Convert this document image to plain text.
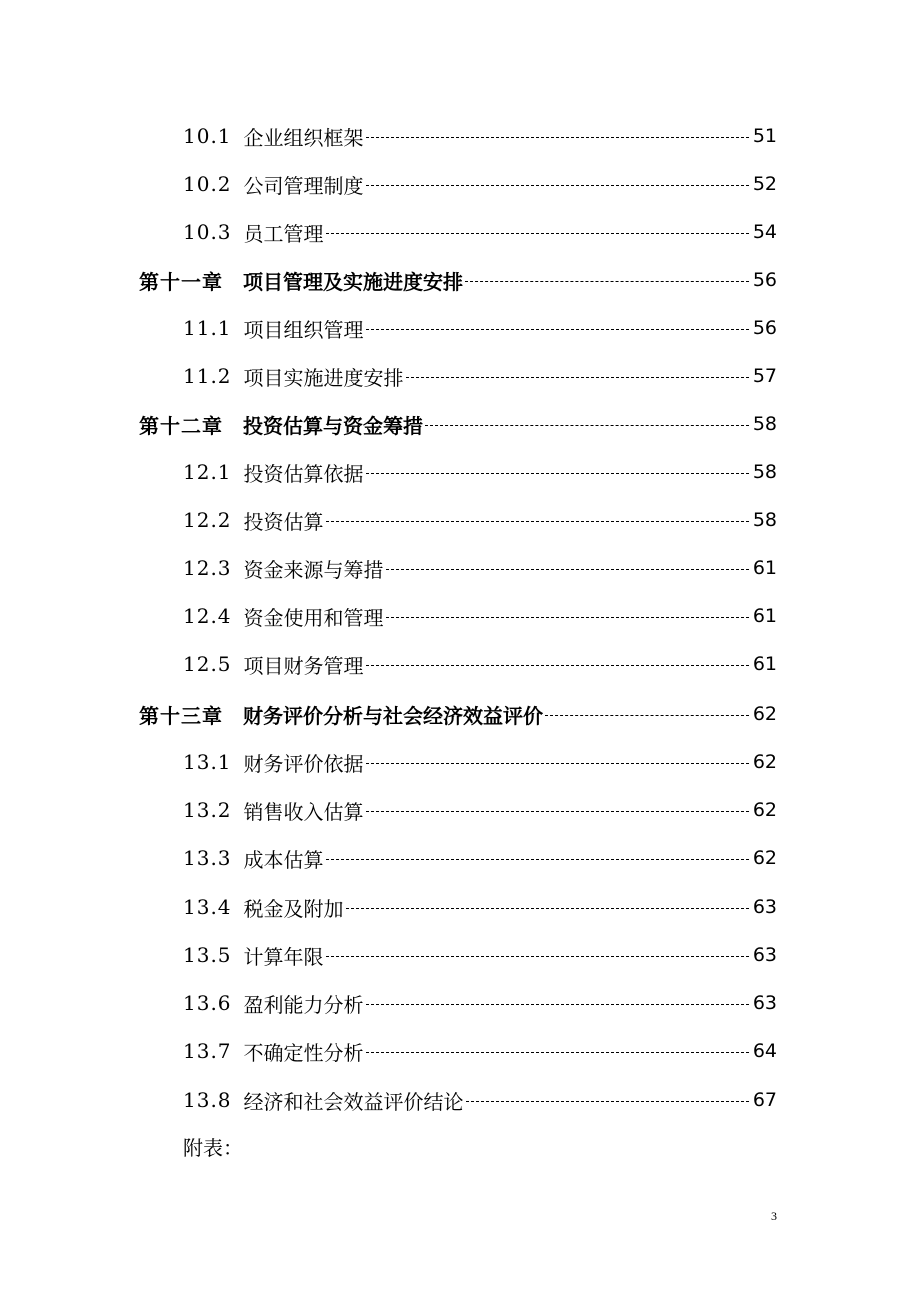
10.1 企业组织框架	51
10.2 公司管理制度	52
10.3 员工管理	54
第十一章 项目管理及实施进度安排	56
11.1 项目组织管理	56
11.2 项目实施进度安排	57
第十二章 投资估算与资金筹措	58
12.1 投资估算依据	58
12.2 投资估算	58
12.3 资金来源与筹措	61
12.4 资金使用和管理	61
12.5 项目财务管理	61
第十三章 财务评价分析与社会经济效益评价	62
13.1 财务评价依据	62
13.2 销售收入估算	62
13.3 成本估算	62
13.4 税金及附加	63
13.5 计算年限	63
13.6 盈利能力分析	63
13.7 不确定性分析	64
13.8 经济和社会效益评价结论	67
附表：
3
